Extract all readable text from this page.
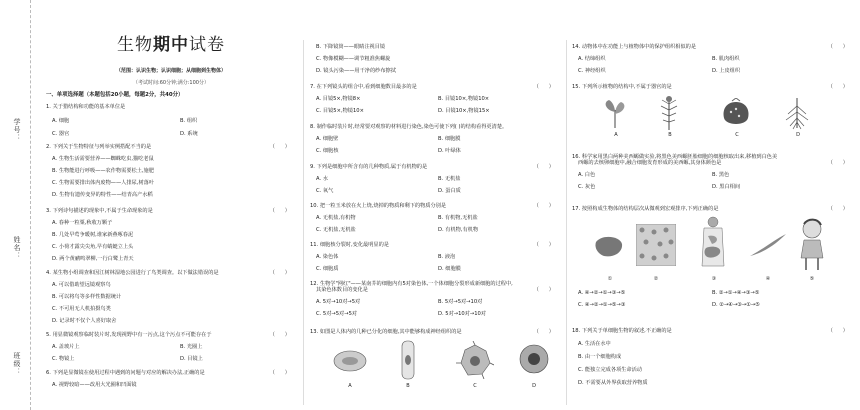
学号：
姓名：
班级：
生物期中试卷
（范围：认识生物；认识细胞；从细胞到生物体）
（考试时间:60分钟;满分:100分）
一、单项选择题（本题包括20小题，每题2分，共40分）
1. 关于猎结构和功能的基本单位是
A. 细胞	B. 组织
C. 器官	D. 系统
2. 下列关于生物特征与列举实例搭配不当的是	（      ）
A. 生物生活需要营养——蜘蛛吃虫,猫吃老鼠
B. 生物能进行呼吸——农作物需要松土,施肥
C. 生物需要排出体内废物——人排尿,树落叶
D. 生物有遗传变异的特性——结青高产水稻
3. 下列诗句描述的现象中,不属于生命现象的是	（      ）
A. 春种一粒粟,秋收万颗子
B. 几处早莺争暖树,谁家新燕啄春泥
C. 小荷才露尖尖角,早有蜻蜓立上头
D. 两个黄鹂鸣翠柳,一行白鹭上青天
4. 某生物小组调查和因江树林湿地公园进行了鸟类调查。以下做法错误的是	（      ）
A. 可以借助望远镜观察鸟
B. 可以将鸟等多样性数据统计
C. 不可用无人机拍摄鸟类
D. 记录时不仅个人喜好取舍
5. 用显微镜观察临时装片时,发现视野中有一污点,这个污点不可能存在于	（      ）
A. 盖玻片上	B. 光圈上
C. 物镜上	D. 目镜上
6. 下列是显微镜在使用过程中遇到的问题与对应的解决办法,正确的是	（      ）
A. 视野较暗——改用大光圈和凹面镜
B. 下降镜筒——眼睛注视目镜
C. 物像模糊——调节粗准焦螺旋
D. 镜头污染——用干净的纱布擦拭
7. 在下列镜头的组合中,看到细胞数目最多的是	（      ）
A. 目镜5×,物镜8×	B. 目镜10×,物镜10×
C. 目镜5×,物镜10×	D. 目镜10×,物镜15×
8. 制作临时装片时,经常要对观察的材料进行染色,染色可使下列( )的结构看得更清楚。
A. 细胞壁	B. 细胞膜
C. 细胞核	D. 叶绿体
9. 下列是细胞中所含有的几种物质,属于有机物的是	（      ）
A. 水	B. 无机盐
C. 氧气	D. 蛋白质
10. 把一粒玉米放在火上烧,烧掉的物质和剩下的物质分别是	（      ）
A. 无机盐,有机物	B. 有机物,无机盐
C. 无机盐,无机盐	D. 有机物,有机物
11. 细胞核分裂时,变化最明显的是	（      ）
A. 染色体	B. 液泡
C. 细胞质	D. 细胞膜
12. 生物学"网红"——某南芥的细胞内有5对染色体,一个体细胞分裂形成新细胞的过程中,
其染色体数目的变化是	（      ）
A. 5对→10对→5对	B. 5对→5对→10对
C. 5对→5对→5对	D. 5对→10对→10对
13. 如图是人体内的几种已分化的细胞,其中能够构成神经组织的是	（      ）
A	B	C	D
14. 动物体中在功能上与植物体中的保护组织相似的是	（      ）
A. 结缔组织	B. 肌肉组织
C. 神经组织	D. 上皮组织
15. 下列所示植物的结构中,不属于器官的是	（      ）
A	B	C	D
16. 科学家用黑白两种美西螈做实验,将黑色美西螈胚胎细胞的细胞核取出来,移植到白色美
西螈的去核卵细胞中,融合细胞发育形成的美西螈,其身体颜色是	（      ）
A. 白色	B. 黑色
C. 灰色	D. 黑白相间
17. 按照构成生物体的结构层次从微观到宏观排序,下列正确的是	（      ）
①	②	③	④	⑤
A. ④→②→①→③→⑤	B. ②→①→④→③→⑤
C. ④→②→①→⑤→③	D. ②→④→③→①→⑤
18. 下列关于单细胞生物的叙述,不正确的是	（      ）
A. 生活在水中
B. 由一个细胞构成
C. 能独立完成各项生命活动
D. 不需要从外界获取营养物质
